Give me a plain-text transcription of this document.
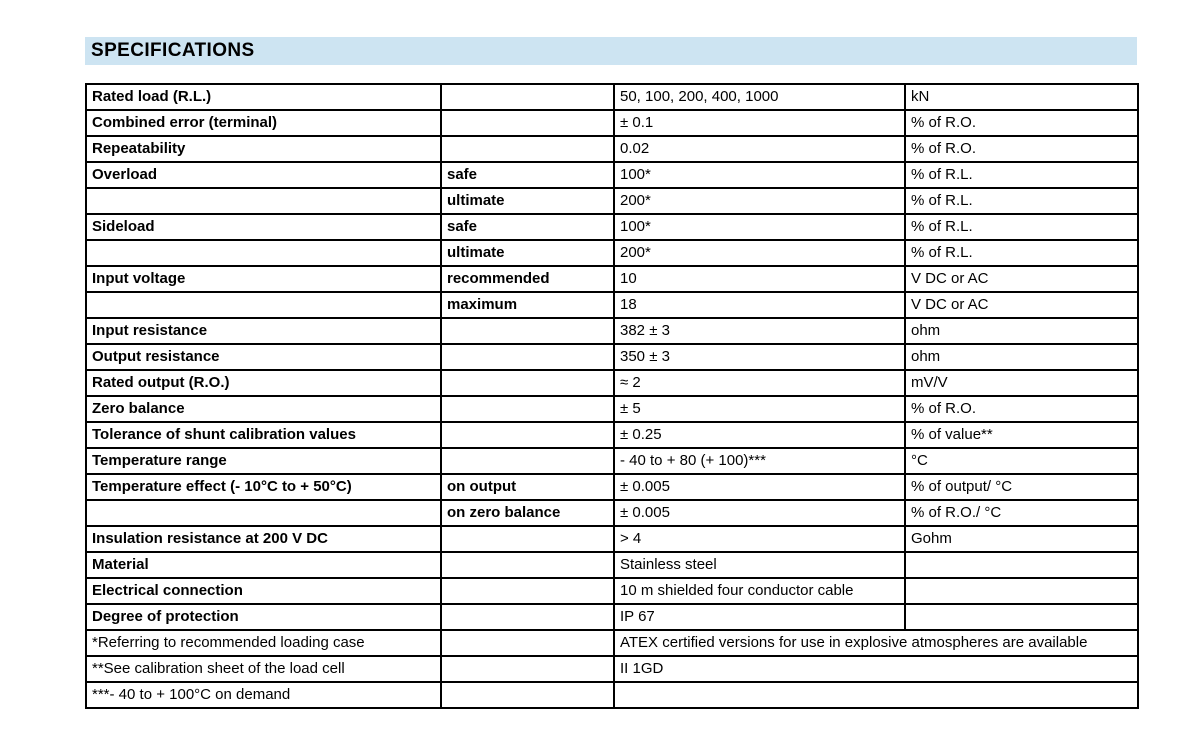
SPECIFICATIONS
Rated load (R.L.)		50, 100, 200, 400, 1000	kN
Combined error (terminal)		± 0.1	% of R.O.
Repeatability		0.02	% of R.O.
Overload	safe	100*	% of R.L.
	ultimate	200*	% of R.L.
Sideload	safe	100*	% of R.L.
	ultimate	200*	% of R.L.
Input voltage	recommended	10	V DC or AC
	maximum	18	V DC or AC
Input resistance		382 ± 3	ohm
Output resistance		350 ± 3	ohm
Rated output (R.O.)		≈ 2	mV/V
Zero balance		± 5	% of R.O.
Tolerance of shunt calibration values		± 0.25	% of value**
Temperature range		- 40 to + 80 (+ 100)***	°C
Temperature effect (- 10°C to + 50°C)	on output	± 0.005	% of output/ °C
	on zero balance	± 0.005	% of R.O./ °C
Insulation resistance at 200 V DC		> 4	Gohm
Material		Stainless steel	
Electrical connection		10 m shielded four conductor cable	
Degree of protection		IP 67	
*Referring to recommended loading case		ATEX certified versions for use in explosive atmospheres are available	
**See calibration sheet of the load cell		II 1GD	
***- 40 to + 100°C on demand			
